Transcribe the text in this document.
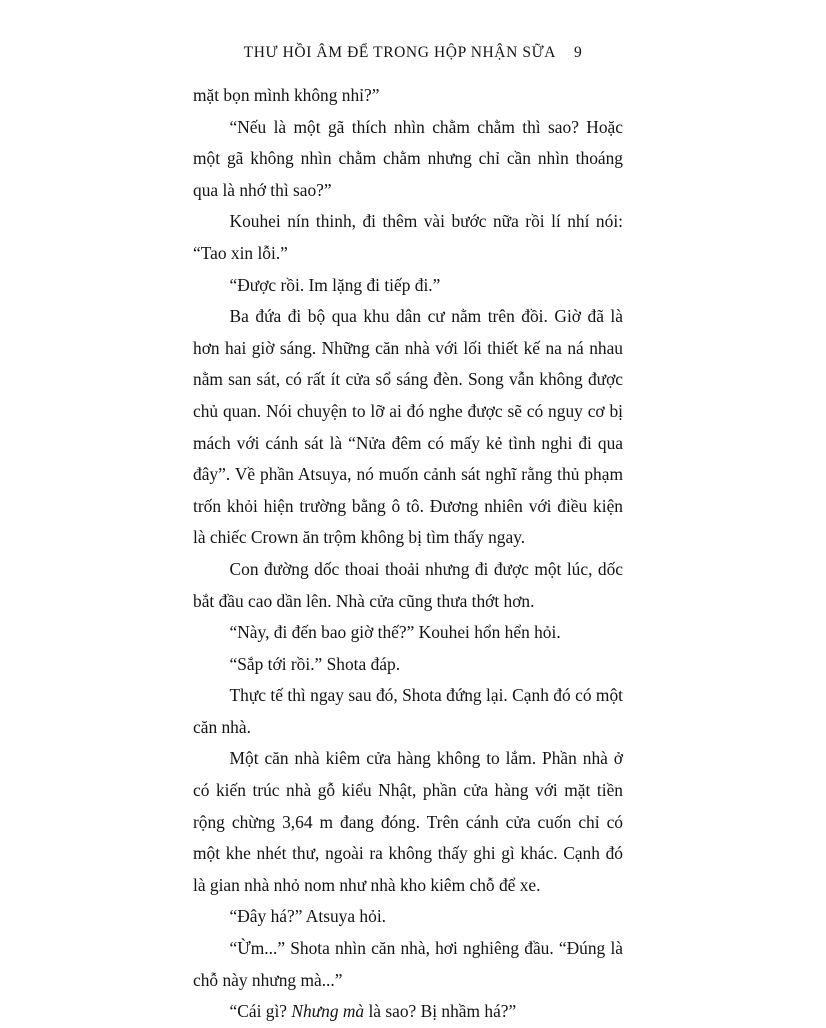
THƯ HỒI ÂM ĐỂ TRONG HỘP NHẬN SỮA 9

mặt bọn mình không nhỉ?”

“Nếu là một gã thích nhìn chằm chằm thì sao? Hoặc một gã không nhìn chằm chằm nhưng chỉ cần nhìn thoáng qua là nhớ thì sao?”

Kouhei nín thinh, đi thêm vài bước nữa rồi lí nhí nói: “Tao xin lỗi.”

“Được rồi. Im lặng đi tiếp đi.”

Ba đứa đi bộ qua khu dân cư nằm trên đồi. Giờ đã là hơn hai giờ sáng. Những căn nhà với lối thiết kế na ná nhau nằm san sát, có rất ít cửa sổ sáng đèn. Song vẫn không được chủ quan. Nói chuyện to lỡ ai đó nghe được sẽ có nguy cơ bị mách với cánh sát là “Nửa đêm có mấy kẻ tình nghi đi qua đây”. Về phần Atsuya, nó muốn cảnh sát nghĩ rằng thủ phạm trốn khỏi hiện trường bằng ô tô. Đương nhiên với điều kiện là chiếc Crown ăn trộm không bị tìm thấy ngay.

Con đường dốc thoai thoải nhưng đi được một lúc, dốc bắt đầu cao dần lên. Nhà cửa cũng thưa thớt hơn.

“Này, đi đến bao giờ thế?” Kouhei hổn hển hỏi.

“Sắp tới rồi.” Shota đáp.

Thực tế thì ngay sau đó, Shota đứng lại. Cạnh đó có một căn nhà.

Một căn nhà kiêm cửa hàng không to lắm. Phần nhà ở có kiến trúc nhà gỗ kiểu Nhật, phần cửa hàng với mặt tiền rộng chừng 3,64 m đang đóng. Trên cánh cửa cuốn chỉ có một khe nhét thư, ngoài ra không thấy ghi gì khác. Cạnh đó là gian nhà nhỏ nom như nhà kho kiêm chỗ để xe.

“Đây há?” Atsuya hỏi.

“Ừm...” Shota nhìn căn nhà, hơi nghiêng đầu. “Đúng là chỗ này nhưng mà...”

“Cái gì? Nhưng mà là sao? Bị nhầm há?”
